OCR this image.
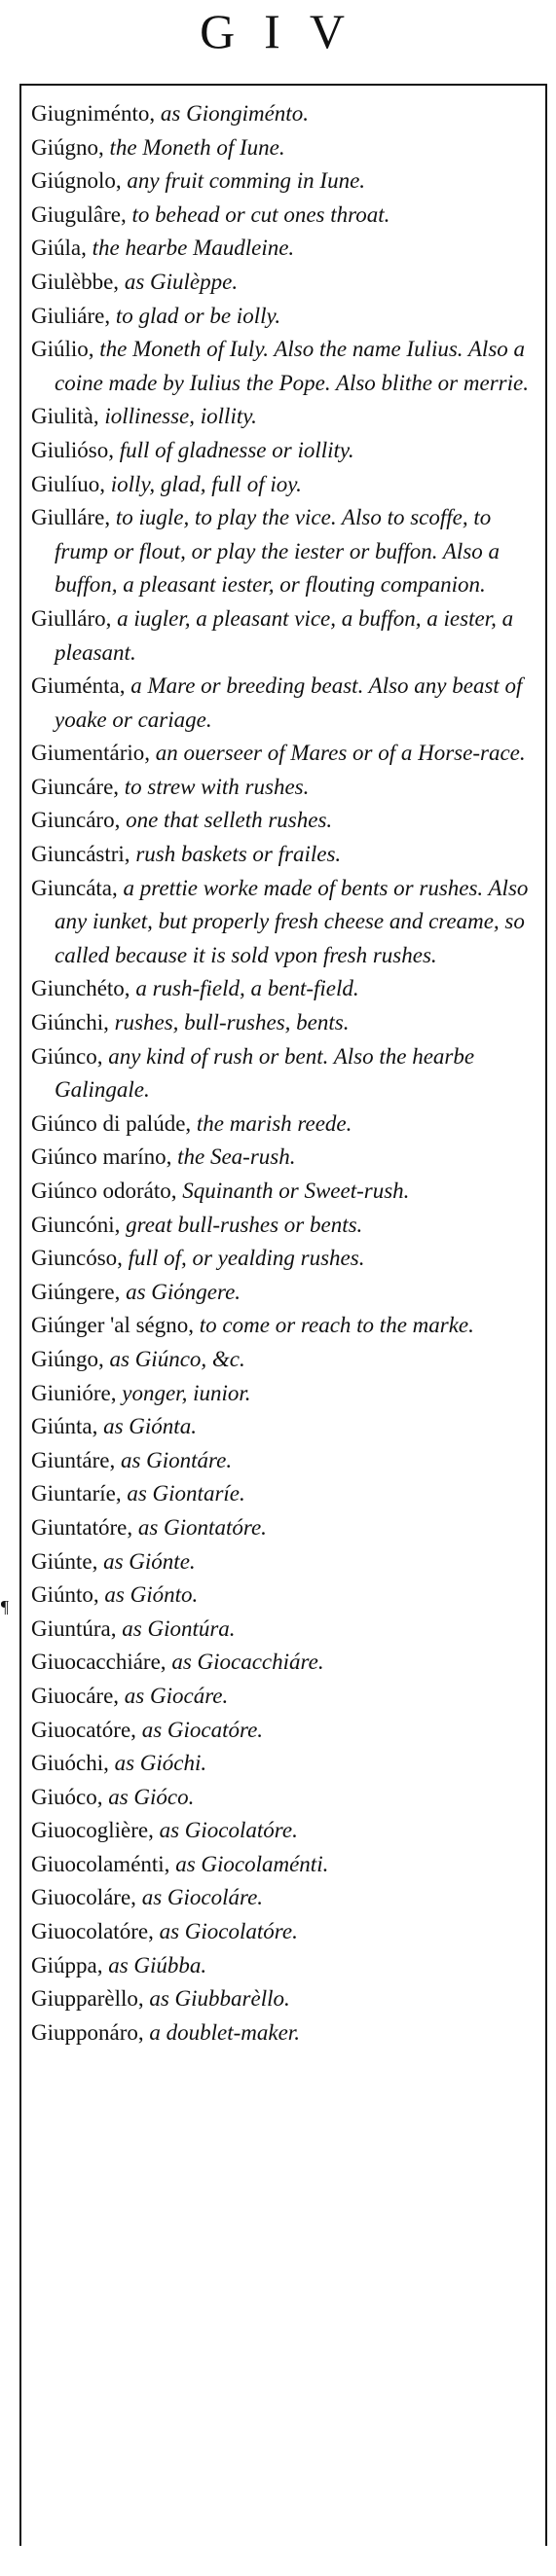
GIV
¶
Giugniménto, as Giongiménto.
Giúgno, the Moneth of Iune.
Giúgnolo, any fruit comming in Iune.
Giugulâre, to behead or cut ones throat.
Giúla, the hearbe Maudleine.
Giulèbbe, as Giulèppe.
Giuliáre, to glad or be iolly.
Giúlio, the Moneth of Iuly. Also the name Iulius. Also a coine made by Iulius the Pope. Also blithe or merrie.
Giulità, iollinesse, iollity.
Giulióso, full of gladnesse or iollity.
Giulíuo, iolly, glad, full of ioy.
Giulláre, to iugle, to play the vice. Also to scoffe, to frump or flout, or play the iester or buffon. Also a buffon, a pleasant iester, or flouting companion.
Giulláro, a iugler, a pleasant vice, a buffon, a iester, a pleasant.
Giuménta, a Mare or breeding beast. Also any beast of yoake or cariage.
Giumentário, an ouerseer of Mares or of a Horse-race.
Giuncáre, to strew with rushes.
Giuncáro, one that selleth rushes.
Giuncástri, rush baskets or frailes.
Giuncáta, a prettie worke made of bents or rushes. Also any iunket, but properly fresh cheese and creame, so called because it is sold vpon fresh rushes.
Giunchéto, a rush-field, a bent-field.
Giúnchi, rushes, bull-rushes, bents.
Giúnco, any kind of rush or bent. Also the hearbe Galingale.
Giúnco di palúde, the marish reede.
Giúnco maríno, the Sea-rush.
Giúnco odoráto, Squinanth or Sweet-rush.
Giuncóni, great bull-rushes or bents.
Giuncóso, full of, or yealding rushes.
Giúngere, as Giόngere.
Giúnger 'al ségno, to come or reach to the marke.
Giúngo, as Giúnco, &c.
Giunióre, yonger, iunior.
Giúnta, as Giónta.
Giuntáre, as Giontáre.
Giuntaríe, as Giontaríe.
Giuntatóre, as Giontatóre.
Giúnte, as Giónte.
Giúnto, as Giónto.
Giuntúra, as Giontúra.
Giuocacchiáre, as Giocacchiáre.
Giuocáre, as Giocáre.
Giuocatóre, as Giocatóre.
Giuóchi, as Gióchi.
Giuóco, as Gióco.
Giuocoglière, as Giocolatóre.
Giuocolaménti, as Giocolaménti.
Giuocoláre, as Giocoláre.
Giuocolatóre, as Giocolatóre.
Giúppa, as Giúbba.
Giupparèllo, as Giubbarèllo.
Giupponáro, a doublet-maker.
